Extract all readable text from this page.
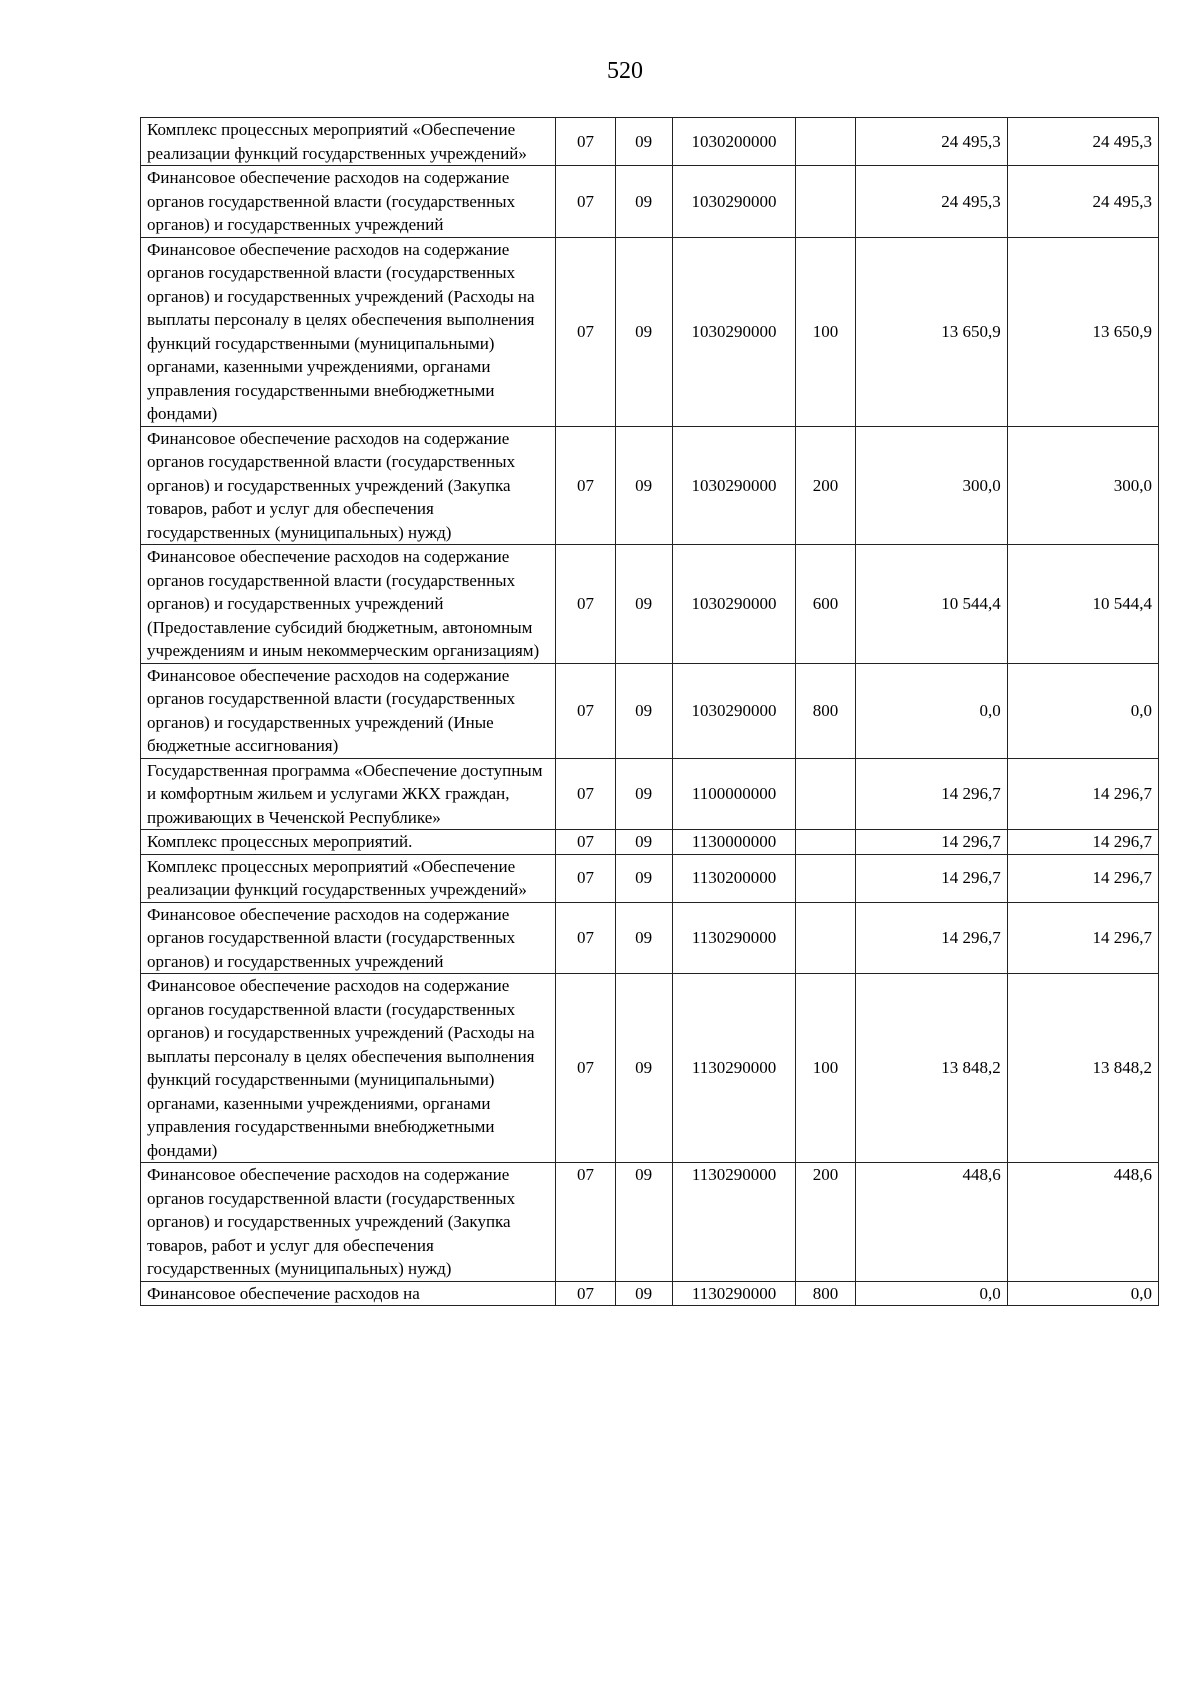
520
Комплекс процессных мероприятий «Обеспечение реализации функций государственных учреждений»	07	09	1030200000		24 495,3	24 495,3
Финансовое обеспечение расходов на содержание органов государственной власти (государственных органов) и государственных учреждений	07	09	1030290000		24 495,3	24 495,3
Финансовое обеспечение расходов на содержание органов государственной власти (государственных органов) и государственных учреждений (Расходы на выплаты персоналу в целях обеспечения выполнения функций государственными (муниципальными) органами, казенными учреждениями, органами управления государственными внебюджетными фондами)	07	09	1030290000	100	13 650,9	13 650,9
Финансовое обеспечение расходов на содержание органов государственной власти (государственных органов) и государственных учреждений (Закупка товаров, работ и услуг для обеспечения государственных (муниципальных) нужд)	07	09	1030290000	200	300,0	300,0
Финансовое обеспечение расходов на содержание органов государственной власти (государственных органов) и государственных учреждений (Предоставление субсидий бюджетным, автономным учреждениям и иным некоммерческим организациям)	07	09	1030290000	600	10 544,4	10 544,4
Финансовое обеспечение расходов на содержание органов государственной власти (государственных органов) и государственных учреждений (Иные бюджетные ассигнования)	07	09	1030290000	800	0,0	0,0
Государственная программа «Обеспечение доступным и комфортным жильем и услугами ЖКХ граждан, проживающих в Чеченской Республике»	07	09	1100000000		14 296,7	14 296,7
Комплекс процессных мероприятий.	07	09	1130000000		14 296,7	14 296,7
Комплекс процессных мероприятий «Обеспечение реализации функций государственных учреждений»	07	09	1130200000		14 296,7	14 296,7
Финансовое обеспечение расходов на содержание органов государственной власти (государственных органов) и государственных учреждений	07	09	1130290000		14 296,7	14 296,7
Финансовое обеспечение расходов на содержание органов государственной власти (государственных органов) и государственных учреждений (Расходы на выплаты персоналу в целях обеспечения выполнения функций государственными (муниципальными) органами, казенными учреждениями, органами управления государственными внебюджетными фондами)	07	09	1130290000	100	13 848,2	13 848,2
Финансовое обеспечение расходов на содержание органов государственной власти (государственных органов) и государственных учреждений (Закупка товаров, работ и услуг для обеспечения государственных (муниципальных) нужд)	07	09	1130290000	200	448,6	448,6
Финансовое обеспечение расходов на	07	09	1130290000	800	0,0	0,0
